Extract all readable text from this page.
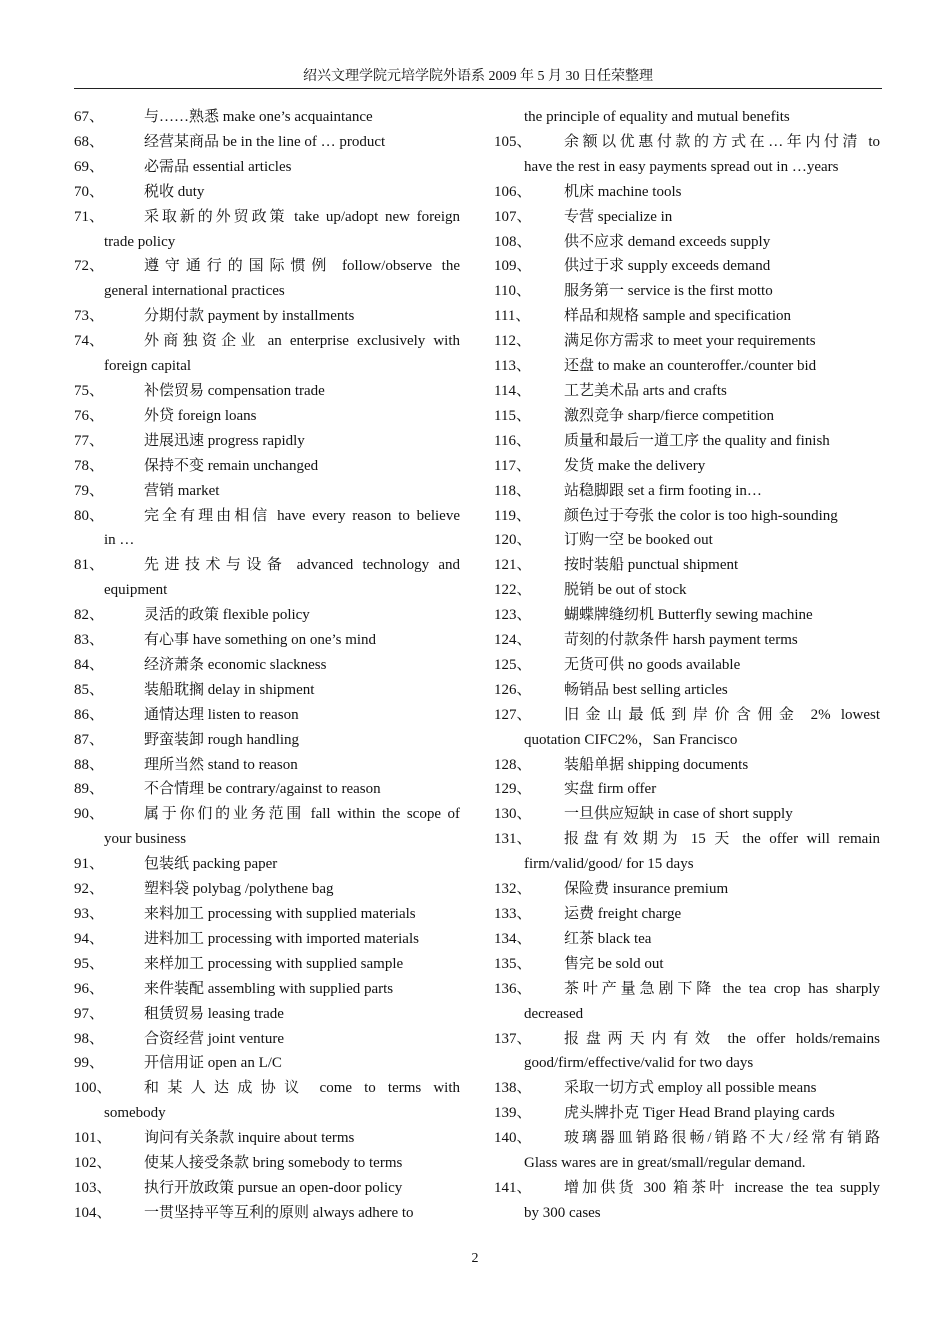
绍兴文理学院元培学院外语系 2009 年 5 月 30 日任荣整理
67、	与……熟悉 make one’s acquaintance
68、	经营某商品 be in the line of … product
69、	必需品 essential articles
70、	税收 duty
71、	采取新的外贸政策 take up/adopt new foreign
trade policy
72、	遵守通行的国际惯例 follow/observe the
general international practices
73、	分期付款 payment by installments
74、	外商独资企业 an enterprise exclusively with
foreign capital
75、	补偿贸易 compensation trade
76、	外贷 foreign loans
77、	进展迅速 progress rapidly
78、	保持不变 remain unchanged
79、	营销 market
80、	完全有理由相信 have every reason to believe
in …
81、	先进技术与设备 advanced technology and
equipment
82、	灵活的政策 flexible policy
83、	有心事 have something on one’s mind
84、	经济萧条 economic slackness
85、	装船耽搁 delay in shipment
86、	通情达理 listen to reason
87、	野蛮装卸 rough handling
88、	理所当然 stand to reason
89、	不合情理 be contrary/against to reason
90、	属于你们的业务范围 fall within the scope of
your business
91、	包装纸 packing paper
92、	塑料袋 polybag /polythene bag
93、	来料加工 processing with supplied materials
94、	进料加工 processing with imported materials
95、	来样加工 processing with supplied sample
96、	来件装配 assembling with supplied parts
97、	租赁贸易 leasing trade
98、	合资经营 joint venture
99、	开信用证 open an L/C
100、	和某人达成协议 come to terms with
somebody
101、	询问有关条款 inquire about terms
102、	使某人接受条款 bring somebody to terms
103、	执行开放政策 pursue an open-door policy
104、	一贯坚持平等互利的原则 always adhere to
the principle of equality and mutual benefits
105、	余额以优惠付款的方式在…年内付清 to
have the rest in easy payments spread out in …years
106、	机床 machine tools
107、	专营 specialize in
108、	供不应求 demand exceeds supply
109、	供过于求 supply exceeds demand
110、	服务第一 service is the first motto
111、	样品和规格 sample and specification
112、	满足你方需求 to meet your requirements
113、	还盘 to make an counteroffer./counter bid
114、	工艺美术品 arts and crafts
115、	激烈竞争 sharp/fierce competition
116、	质量和最后一道工序 the quality and finish
117、	发货 make the delivery
118、	站稳脚跟 set a firm footing in…
119、	颜色过于夸张 the color is too high-sounding
120、	订购一空 be booked out
121、	按时装船 punctual shipment
122、	脱销 be out of stock
123、	蝴蝶牌缝纫机 Butterfly sewing machine
124、	苛刻的付款条件 harsh payment terms
125、	无货可供 no goods available
126、	畅销品 best selling articles
127、	旧金山最低到岸价含佣金 2% lowest
quotation CIFC2%，San Francisco
128、	装船单据 shipping documents
129、	实盘 firm offer
130、	一旦供应短缺 in case of short supply
131、	报盘有效期为 15 天 the offer will remain
firm/valid/good/ for 15 days
132、	保险费 insurance premium
133、	运费 freight charge
134、	红茶 black tea
135、	售完 be sold out
136、	茶叶产量急剧下降 the tea crop has sharply
decreased
137、	报盘两天内有效 the offer holds/remains
good/firm/effective/valid for two days
138、	采取一切方式 employ all possible means
139、	虎头牌扑克 Tiger Head Brand playing cards
140、	玻璃器皿销路很畅/销路不大/经常有销路
Glass wares are in great/small/regular demand.
141、	增加供货 300 箱茶叶 increase the tea supply
by 300 cases
2
